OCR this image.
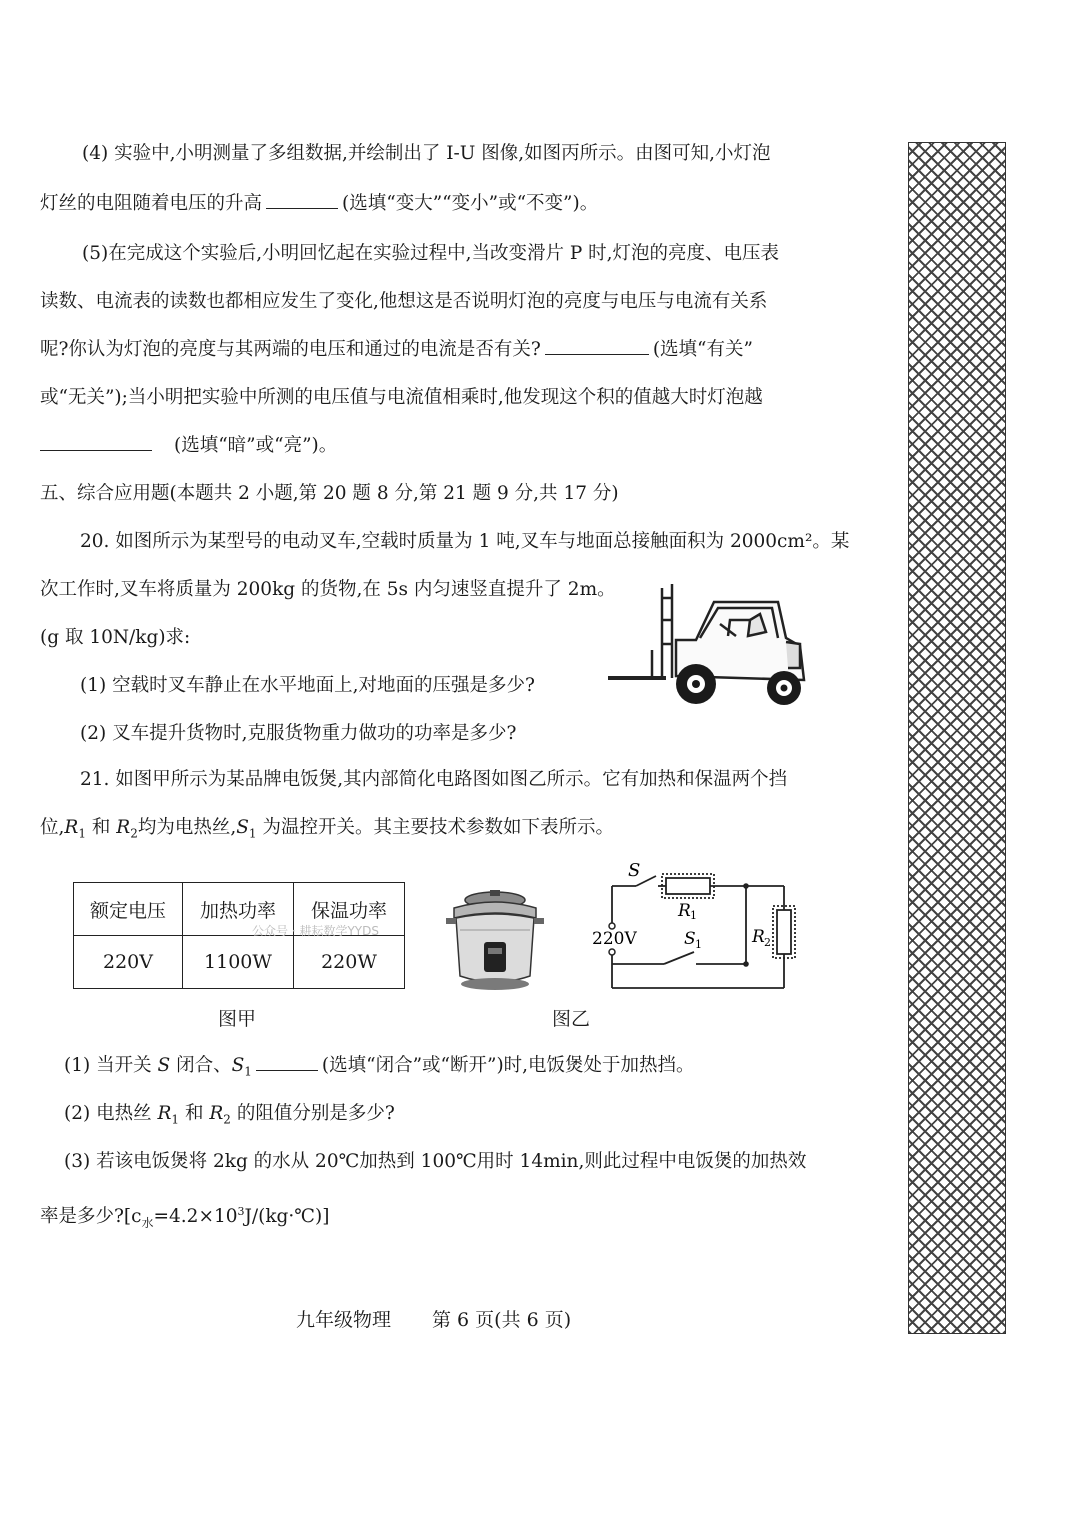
(4) 实验中,小明测量了多组数据,并绘制出了 I-U 图像,如图丙所示。由图可知,小灯泡
灯丝的电阻随着电压的升高	(选填“变大”“变小”或“不变”)。
(5)在完成这个实验后,小明回忆起在实验过程中,当改变滑片 P 时,灯泡的亮度、电压表
读数、电流表的读数也都相应发生了变化,他想这是否说明灯泡的亮度与电压与电流有关系
呢?你认为灯泡的亮度与其两端的电压和通过的电流是否有关?	(选填“有关”
或“无关”);当小明把实验中所测的电压值与电流值相乘时,他发现这个积的值越大时灯泡越
(选填“暗”或“亮”)。
五、综合应用题(本题共 2 小题,第 20 题 8 分,第 21 题 9 分,共 17 分)
20. 如图所示为某型号的电动叉车,空载时质量为 1 吨,叉车与地面总接触面积为 2000cm²。某
次工作时,叉车将质量为 200kg 的货物,在 5s 内匀速竖直提升了 2m。
(g 取 10N/kg)求:
(1) 空载时叉车静止在水平地面上,对地面的压强是多少?
(2) 叉车提升货物时,克服货物重力做功的功率是多少?
21. 如图甲所示为某品牌电饭煲,其内部简化电路图如图乙所示。它有加热和保温两个挡
位$,R_1$ 和 $R_2$均为电热丝$,S_1$ 为温控开关。其主要技术参数如下表所示。
额定电压	加热功率	保温功率
220V	1100W	220W
公众号 · 耕耘数学YYDS
S
R 1
220V	S 1	R 2
图甲	图乙
(1) 当开关 S 闭合、$S_1$	(选填“闭合”或“断开”)时,电饭煲处于加热挡。
(2) 电热丝 $R_1$ 和 $R_2$ 的阻值分别是多少?
(3) 若该电饭煲将 2kg 的水从 20℃加热到 100℃用时 14min,则此过程中电饭煲的加热效
率是多少$?[c_水=4.2\times 10^3J/(kg\cdot℃)]$
九年级物理 第 6 页(共 6 页)
